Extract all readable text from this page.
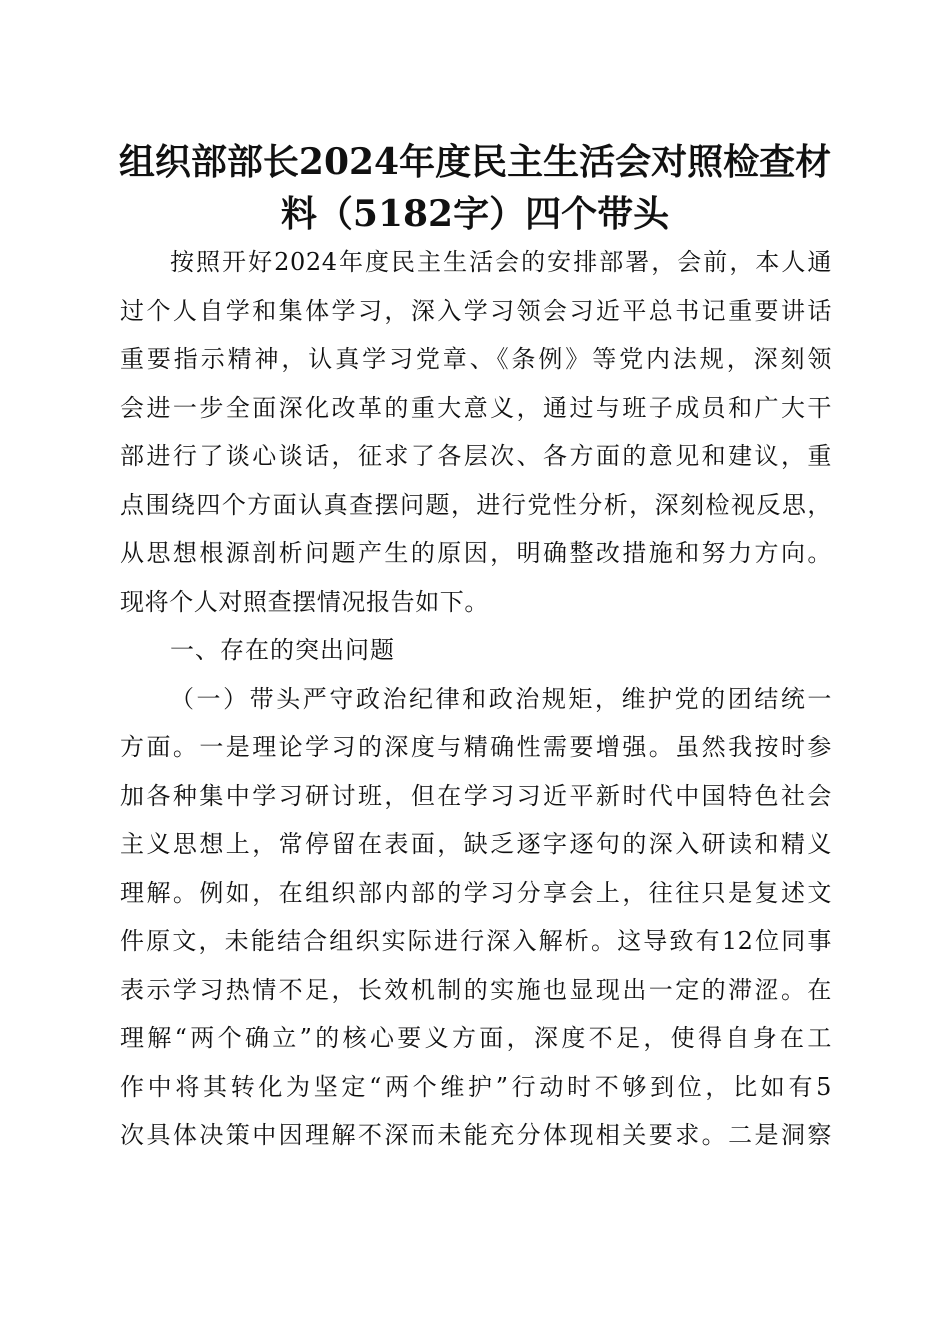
组织部部长2024年度民主生活会对照检查材
料（5182字）四个带头
按照开好2024年度民主生活会的安排部署，会前，本人通
过个人自学和集体学习，深入学习领会习近平总书记重要讲话
重要指示精神，认真学习党章、《条例》等党内法规，深刻领
会进一步全面深化改革的重大意义，通过与班子成员和广大干
部进行了谈心谈话，征求了各层次、各方面的意见和建议，重
点围绕四个方面认真查摆问题，进行党性分析，深刻检视反思，
从思想根源剖析问题产生的原因，明确整改措施和努力方向。
现将个人对照查摆情况报告如下。
一、存在的突出问题
（一）带头严守政治纪律和政治规矩，维护党的团结统一
方面。一是理论学习的深度与精确性需要增强。虽然我按时参
加各种集中学习研讨班，但在学习习近平新时代中国特色社会
主义思想上，常停留在表面，缺乏逐字逐句的深入研读和精义
理解。例如，在组织部内部的学习分享会上，往往只是复述文
件原文，未能结合组织实际进行深入解析。这导致有12位同事
表示学习热情不足，长效机制的实施也显现出一定的滞涩。在
理解“两个确立”的核心要义方面，深度不足，使得自身在工
作中将其转化为坚定“两个维护”行动时不够到位，比如有5
次具体决策中因理解不深而未能充分体现相关要求。二是洞察
